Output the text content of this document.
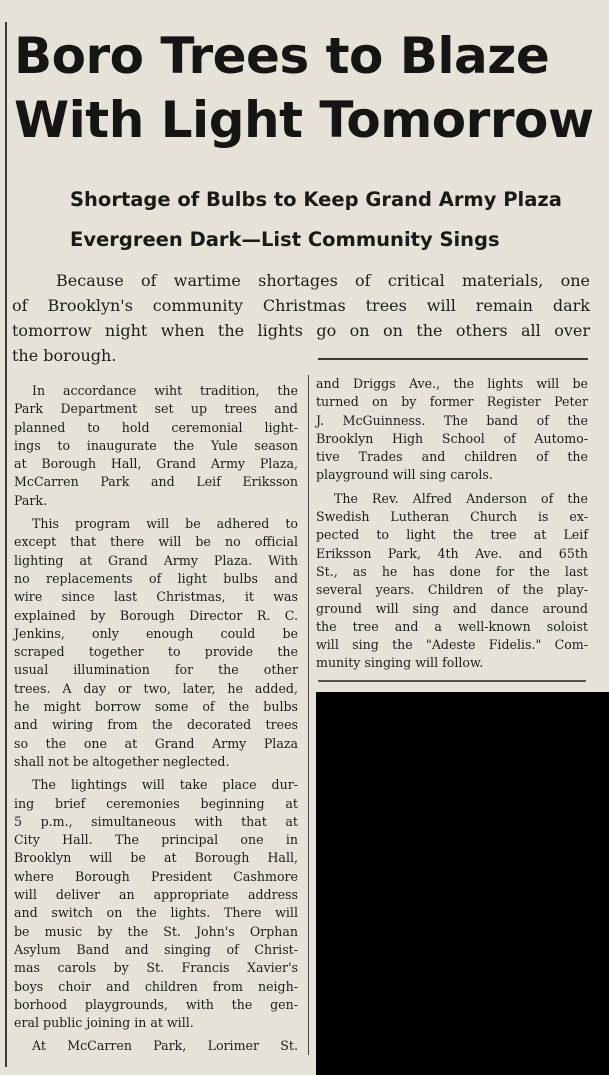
Boro Trees to Blaze
With Light Tomorrow
Shortage of Bulbs to Keep Grand Army Plaza
Evergreen Dark—List Community Sings
Because of wartime shortages of critical materials, one
of Brooklyn's community Christmas trees will remain dark
tomorrow night when the lights go on on the others all over
the borough.
In accordance wiht tradition, the
Park Department set up trees and
planned to hold ceremonial light-
ings to inaugurate the Yule season
at Borough Hall, Grand Army Plaza,
McCarren Park and Leif Eriksson
Park.
This program will be adhered to
except that there will be no official
lighting at Grand Army Plaza. With
no replacements of light bulbs and
wire since last Christmas, it was
explained by Borough Director R. C.
Jenkins, only enough could be
scraped together to provide the
usual illumination for the other
trees. A day or two, later, he added,
he might borrow some of the bulbs
and wiring from the decorated trees
so the one at Grand Army Plaza
shall not be altogether neglected.
The lightings will take place dur-
ing brief ceremonies beginning at
5 p.m., simultaneous with that at
City Hall. The principal one in
Brooklyn will be at Borough Hall,
where Borough President Cashmore
will deliver an appropriate address
and switch on the lights. There will
be music by the St. John's Orphan
Asylum Band and singing of Christ-
mas carols by St. Francis Xavier's
boys choir and children from neigh-
borhood playgrounds, with the gen-
eral public joining in at will.
At McCarren Park, Lorimer St.
and Driggs Ave., the lights will be
turned on by former Register Peter
J. McGuinness. The band of the
Brooklyn High School of Automo-
tive Trades and children of the
playground will sing carols.
The Rev. Alfred Anderson of the
Swedish Lutheran Church is ex-
pected to light the tree at Leif
Eriksson Park, 4th Ave. and 65th
St., as he has done for the last
several years. Children of the play-
ground will sing and dance around
the tree and a well-known soloist
will sing the "Adeste Fidelis." Com-
munity singing will follow.
